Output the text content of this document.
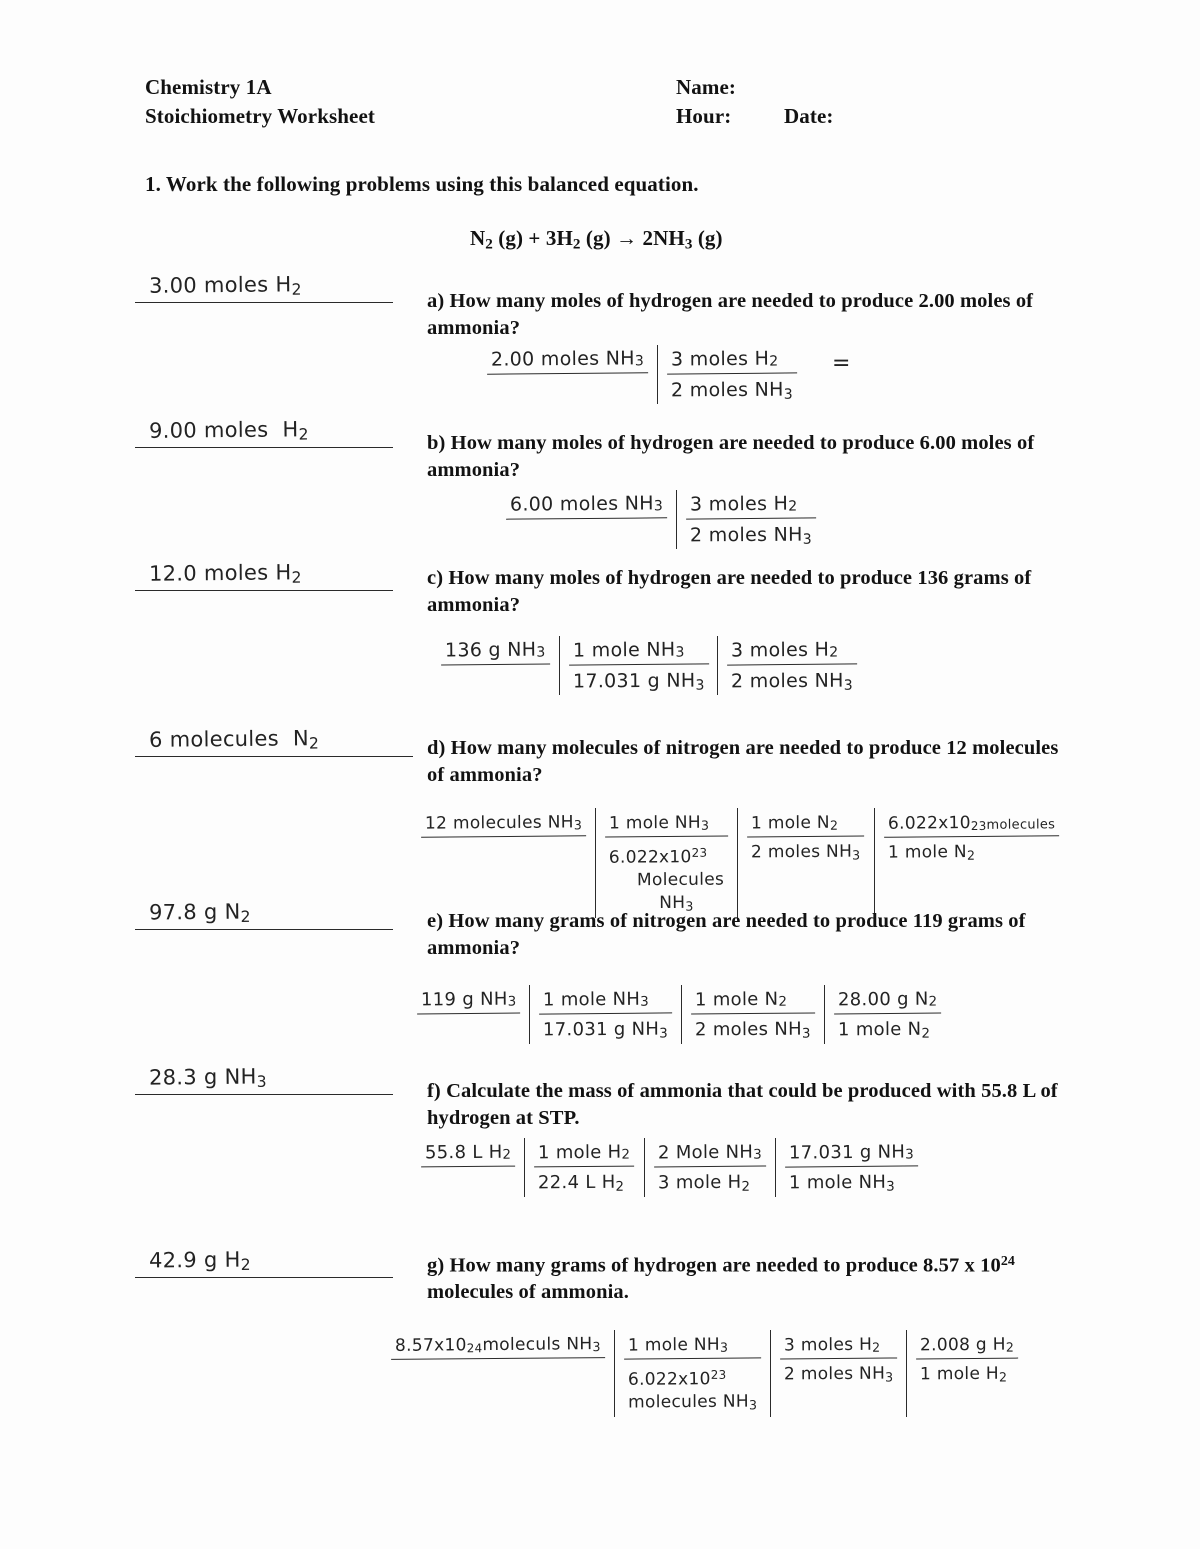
Chemistry 1A
Stoichiometry Worksheet
Name:
Hour:	Date:
1. Work the following problems using this balanced equation.
$N_2$ $(g) + 3H_2$ $(g) \to 2NH_3$ (g)
3.00 moles $H_2$
a) How many moles of hydrogen are needed to produce 2.00 moles of ammonia?
2.00 moles NH $3 \frac{\text{3 moles H 2}}{2 moles NH_3}$ =
9.00 moles  $H_2$	b) How many moles of hydrogen are needed to produce 6.00 moles of ammonia?
6.00 moles NH $3 \frac{\text{3 moles H 2}}{2 moles NH_3}$
12.0 moles $H_2$	c) How many moles of hydrogen are needed to produce 136 grams of ammonia?
136 g NH $3 \frac{\text{1 mole NH 3}}{17.031 g NH_3} \frac{\text{3 moles H 2}}{2 moles NH_3}$
6 molecules  $N_2$	d) How many molecules of nitrogen are needed to produce 12 molecules of ammonia?
12 molecules NH 3 1 mole NH 3
$6.022x10^{23}$
Molecules
$NH_3$	$\frac{\text{1 mole N 2}}{2 moles NH_3} \frac{\text{6.022x10 23 molecules}}{1 mole N_2}$
97.8 g $N_2$	e) How many grams of nitrogen are needed to produce 119 grams of ammonia?
119 g NH $3 \frac{\text{1 mole NH 3}}{17.031 g NH_3} \frac{\text{1 mole N 2}}{2 moles NH_3} \frac{\text{28.00 g N 2}}{1 mole N_2}$
28.3 g $NH_3$	f) Calculate the mass of ammonia that could be produced with 55.8 L of hydrogen at STP.
55.8 L H $2 \frac{\text{1 mole H 2}}{22.4 L H_2} \frac{\text{2 Mole NH 3}}{3 mole H_2} \frac{\text{17.031 g NH 3}}{1 mole NH_3}$
42.9 g $H_2$	g) How many grams of hydrogen are needed to produce 8.57 x $10^{24}$ molecules of ammonia.
8.57x10 24 moleculs NH 3 1 mole NH 3
$6.022x10^{23}$
molecules $NH_3 \frac{\text{3 moles H 2}}{2 moles NH_3} \frac{\text{2.008 g H 2}}{1 mole H_2}$
